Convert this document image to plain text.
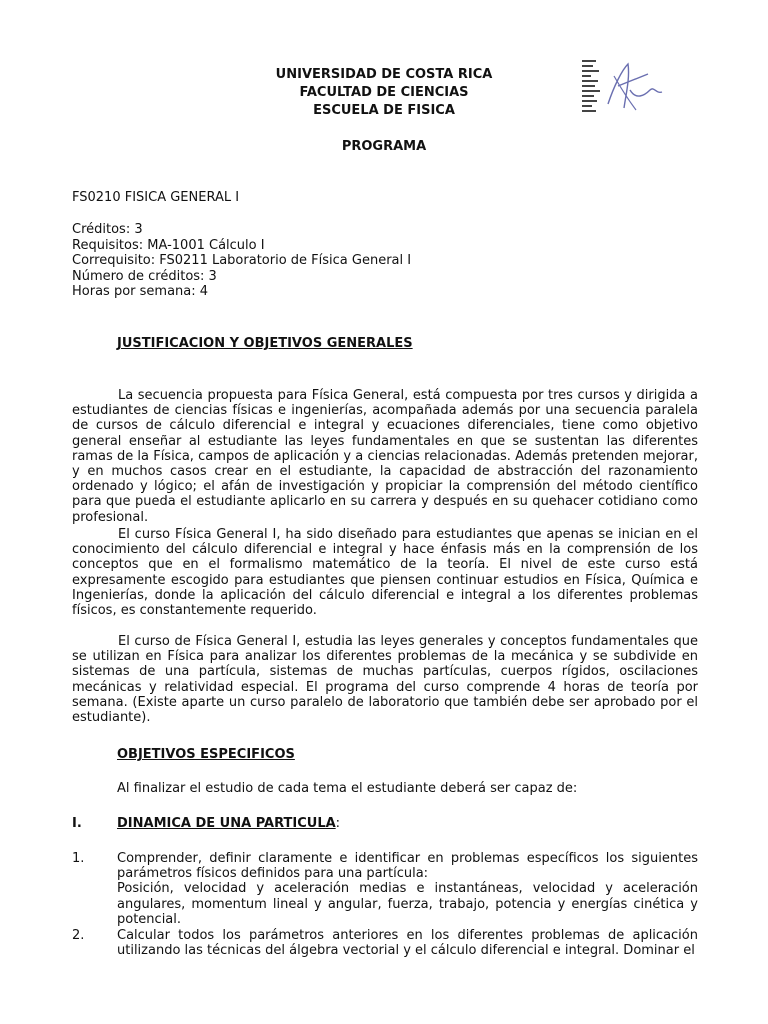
UNIVERSIDAD DE COSTA RICA
FACULTAD DE CIENCIAS
ESCUELA DE FISICA
PROGRAMA
FS0210 FISICA GENERAL I
Créditos: 3
Requisitos: MA-1001 Cálculo I
Correquisito: FS0211 Laboratorio de Física General I
Número de créditos: 3
Horas por semana: 4
JUSTIFICACION Y OBJETIVOS GENERALES

La secuencia propuesta para Física General, está compuesta por tres cursos y dirigida a estudiantes de ciencias físicas e ingenierías, acompañada además por una secuencia paralela de cursos de cálculo diferencial e integral y ecuaciones diferenciales, tiene como objetivo general enseñar al estudiante las leyes fundamentales en que se sustentan las diferentes ramas de la Física, campos de aplicación y a ciencias relacionadas. Además pretenden mejorar, y en muchos casos crear en el estudiante, la capacidad de abstracción del razonamiento ordenado y lógico; el afán de investigación y propiciar la comprensión del método científico para que pueda el estudiante aplicarlo en su carrera y después en su quehacer cotidiano como profesional.

El curso Física General I, ha sido diseñado para estudiantes que apenas se inician en el conocimiento del cálculo diferencial e integral y hace énfasis más en la comprensión de los conceptos que en el formalismo matemático de la teoría. El nivel de este curso está expresamente escogido para estudiantes que piensen continuar estudios en Física, Química e Ingenierías, donde la aplicación del cálculo diferencial e integral a los diferentes problemas físicos, es constantemente requerido.

El curso de Física General I, estudia las leyes generales y conceptos fundamentales que se utilizan en Física para analizar los diferentes problemas de la mecánica y se subdivide en sistemas de una partícula, sistemas de muchas partículas, cuerpos rígidos, oscilaciones mecánicas y relatividad especial. El programa del curso comprende 4 horas de teoría por semana. (Existe aparte un curso paralelo de laboratorio que también debe ser aprobado por el estudiante).

OBJETIVOS ESPECIFICOS
Al finalizar el estudio de cada tema el estudiante deberá ser capaz de:
I.	DINAMICA DE UNA PARTICULA:
1.	Comprender, definir claramente e identificar en problemas específicos los siguientes parámetros físicos definidos para una partícula:
Posición, velocidad y aceleración medias e instantáneas, velocidad y aceleración angulares, momentum lineal y angular, fuerza, trabajo, potencia y energías cinética y potencial.
2.	Calcular todos los parámetros anteriores en los diferentes problemas de aplicación utilizando las técnicas del álgebra vectorial y el cálculo diferencial e integral. Dominar el
